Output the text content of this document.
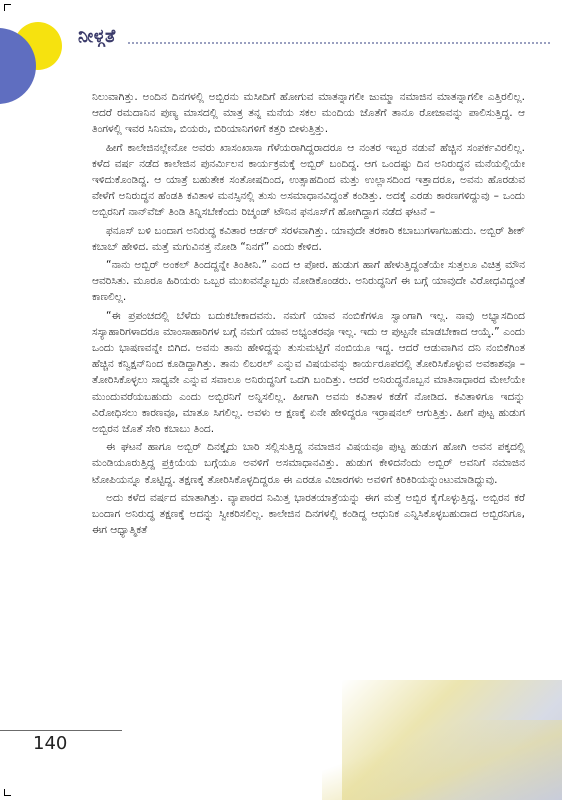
ನೀಳ್ಗತೆ

ನಿಲುವಾಗಿತ್ತು. ಅಂದಿನ ದಿನಗಳಲ್ಲಿ ಅಬ್ಬಿರನು ಮಸೀದಿಗೆ ಹೋಗುವ ಮಾತನ್ನಾಗಲೀ ಜುಮ್ಮಾ ನಮಾಜಿನ ಮಾತನ್ನಾಗಲೀ ಎತ್ತಿರಲಿಲ್ಲ. ಆದರೆ ರಮದಾನಿನ ಪುಣ್ಯ ಮಾಸದಲ್ಲಿ ಮಾತ್ರ ತನ್ನ ಮನೆಯ ಸಕಲ ಮಂದಿಯ ಜೊತೆಗೆ ತಾನೂ ರೋಜಾವನ್ನು ಪಾಲಿಸುತ್ತಿದ್ದ. ಆ ತಿಂಗಳಲ್ಲಿ ಇವರ ಸಿನಿಮಾ, ಬಿಯರು, ಬಿರಿಯಾನಿಗಳಿಗೆ ಕತ್ತರಿ ಬೀಳುತ್ತಿತ್ತು.

ಹೀಗೆ ಕಾಲೇಜಿನಲ್ಲೇನೋ ಅವರು ಖಾಸಂಖಾಸಾ ಗೆಳೆಯರಾಗಿದ್ದರಾದರೂ ಆ ನಂತರ ಇಬ್ಬರ ನಡುವೆ ಹೆಚ್ಚಿನ ಸಂಪರ್ಕವಿರಲಿಲ್ಲ. ಕಳೆದ ವರ್ಷ ನಡೆದ ಕಾಲೇಜಿನ ಪುನರ್ಮಿಲನ ಕಾರ್ಯಕ್ರಮಕ್ಕೆ ಅಬ್ಬಿರ್ ಬಂದಿದ್ದ. ಆಗ ಒಂದಷ್ಟು ದಿನ ಅನಿರುದ್ಧನ ಮನೆಯಲ್ಲಿಯೇ ಇಳಿದುಕೊಂಡಿದ್ದ. ಆ ಯಾತ್ರೆ ಬಹುತೇಕ ಸಂತೋಷದಿಂದ, ಉತ್ಸಾಹದಿಂದ ಮತ್ತು ಉಲ್ಲಾಸದಿಂದ ಇತ್ತಾದರೂ, ಅವನು ಹೊರಡುವ ವೇಳೆಗೆ ಅನಿರುದ್ಧನ ಹೆಂಡತಿ ಕವಿತಾಳ ಮನಸ್ಸಿನಲ್ಲಿ ತುಸು ಅಸಮಾಧಾನವಿದ್ದಂತೆ ಕಂಡಿತ್ತು. ಅದಕ್ಕೆ ಎರಡು ಕಾರಣಗಳಿದ್ದುವು – ಒಂದು ಅಬ್ಬಿರನಿಗೆ ನಾನ್‌ವೆಜ್ ತಿಂಡಿ ತಿನ್ನಿಸಬೇಕೆಂದು ರಿಚ್ಮಂಡ್ ಟೌನಿನ ಫನೂಸ್‌ಗೆ ಹೋಗಿದ್ದಾಗ ನಡೆದ ಘಟನೆ –

ಫನೂಸ್ ಬಳಿ ಬಂದಾಗ ಅನಿರುದ್ಧ ಕವಿತಾರ ಆರ್ಡರ್ ಸರಳವಾಗಿತ್ತು. ಯಾವುದೇ ತರಕಾರಿ ಕಬಾಬುಗಳಾಗಬಹುದು. ಅಬ್ಬಿರ್ ಶೀಕ್ ಕಬಾಬ್ ಹೇಳಿದ. ಮತ್ತೆ ಮಗುವಿನತ್ತ ನೋಡಿ “ನಿನಗೆ” ಎಂದು ಕೇಳಿದ.

“ನಾನು ಅಬ್ಬಿರ್ ಅಂಕಲ್ ತಿಂದದ್ದನ್ನೇ ತಿಂತೀನಿ.” ಎಂದ ಆ ಪೋರ. ಹುಡುಗ ಹಾಗೆ ಹೇಳುತ್ತಿದ್ದಂತೆಯೇ ಸುತ್ತಲೂ ವಿಚಿತ್ರ ಮೌನ ಆವರಿಸಿತು. ಮೂರೂ ಹಿರಿಯರು ಒಬ್ಬರ ಮುಖವನ್ನೊಬ್ಬರು ನೋಡಿಕೊಂಡರು. ಅನಿರುದ್ಧನಿಗೆ ಈ ಬಗ್ಗೆ ಯಾವುದೇ ವಿರೋಧವಿದ್ದಂತೆ ಕಾಣಲಿಲ್ಲ.

“ಈ ಪ್ರಪಂಚದಲ್ಲಿ ಬೆಳೆದು ಬದುಕಬೇಕಾದವನು. ನಮಗೆ ಯಾವ ನಂಬಿಕೆಗಳೂ ಸ್ವಾಂಗಾಗಿ ಇಲ್ಲ. ನಾವು ಅಭ್ಯಾಸದಿಂದ ಸಸ್ಯಾಹಾರಿಗಳಾದರೂ ಮಾಂಸಾಹಾರಿಗಳ ಬಗ್ಗೆ ನಮಗೆ ಯಾವ ಅಭ್ಯಂತರವೂ ಇಲ್ಲ. ಇದು ಆ ಪುಟ್ಟನೇ ಮಾಡಬೇಕಾದ ಆಯ್ಕೆ.” ಎಂದು ಒಂದು ಭಾಷಣವನ್ನೇ ಬಿಗಿದ. ಅವನು ತಾನು ಹೇಳಿದ್ದನ್ನು ತುಸುಮಟ್ಟಿಗೆ ನಂಬಿಯೂ ಇದ್ದ. ಆದರೆ ಆಡುವಾಗಿನ ದನಿ ನಂಬಿಕೆಗಿಂತ ಹೆಚ್ಚಿನ ಕನ್ವಿಕ್ಷನ್‌ನಿಂದ ಕೂಡಿದ್ದಾಗಿತ್ತು. ತಾನು ಲಿಬರಲ್ ಎನ್ನುವ ವಿಷಯವನ್ನು ಕಾರ್ಯರೂಪದಲ್ಲಿ ತೋರಿಸಿಕೊಳ್ಳುವ ಅವಕಾಶವೂ – ತೋರಿಸಿಕೊಳ್ಳಲು ಸಾಧ್ಯವೇ ಎನ್ನುವ ಸವಾಲೂ ಅನಿರುದ್ಧನಿಗೆ ಒದಗಿ ಬಂದಿತ್ತು. ಆದರೆ ಅನಿರುದ್ಧನೊಬ್ಬನ ಮಾತಿನಾಧಾರದ ಮೇಲೆಯೇ ಮುಂದುವರೆಯಬಹುದು ಎಂದು ಅಬ್ಬಿರನಿಗೆ ಅನ್ನಿಸಲಿಲ್ಲ. ಹೀಗಾಗಿ ಅವನು ಕವಿತಾಳ ಕಡೆಗೆ ನೋಡಿದ. ಕವಿತಾಳಿಗೂ ಇದನ್ನು ವಿರೋಧಿಸಲು ಕಾರಣವೂ, ಮಾತೂ ಸಿಗಲಿಲ್ಲ. ಅವಳು ಆ ಕ್ಷಣಕ್ಕೆ ಏನೇ ಹೇಳಿದ್ದರೂ ಇರ್ರಾಷನಲ್ ಆಗುತ್ತಿತ್ತು. ಹೀಗೆ ಪುಟ್ಟ ಹುಡುಗ ಅಬ್ಬಿರನ ಜೊತೆ ಸೇರಿ ಕಬಾಬು ತಿಂದ.

ಈ ಘಟನೆ ಹಾಗೂ ಅಬ್ಬಿರ್ ದಿನಕ್ಕೈದು ಬಾರಿ ಸಲ್ಲಿಸುತ್ತಿದ್ದ ನಮಾಜಿನ ವಿಷಯವೂ ಪುಟ್ಟ ಹುಡುಗ ಹೋಗಿ ಅವನ ಪಕ್ಕದಲ್ಲಿ ಮಂಡಿಯೂರುತ್ತಿದ್ದ ಪ್ರಕ್ರಿಯೆಯ ಬಗ್ಗೆಯೂ ಅವಳಿಗೆ ಅಸಮಾಧಾನವಿತ್ತು. ಹುಡುಗ ಕೇಳಿದನೆಂದು ಅಬ್ಬಿರ್ ಅವನಿಗೆ ನಮಾಜಿನ ಟೋಪಿಯನ್ನೂ ಕೊಟ್ಟಿದ್ದ. ತಕ್ಷಣಕ್ಕೆ ತೋರಿಸಿಕೊಳ್ಳದಿದ್ದರೂ ಈ ಎರಡೂ ವಿಚಾರಗಳು ಅವಳಿಗೆ ಕಿರಿಕಿರಿಯನ್ನುಂಟುಮಾಡಿದ್ದುವು.

ಅದು ಕಳೆದ ವರ್ಷದ ಮಾತಾಗಿತ್ತು. ವ್ಯಾಪಾರದ ನಿಮಿತ್ತ ಭಾರತಯಾತ್ರೆಯನ್ನು ಈಗ ಮತ್ತೆ ಅಬ್ಬಿರ ಕೈಗೊಳ್ಳುತ್ತಿದ್ದ. ಅಬ್ಬಿರನ ಕರೆ ಬಂದಾಗ ಅನಿರುದ್ಧ ತಕ್ಷಣಕ್ಕೆ ಅದನ್ನು ಸ್ವೀಕರಿಸಲಿಲ್ಲ. ಕಾಲೇಜಿನ ದಿನಗಳಲ್ಲಿ ಕಂಡಿದ್ದ ಆಧುನಿಕ ಎನ್ನಿಸಿಕೊಳ್ಳಬಹುದಾದ ಅಬ್ಬಿರನಿಗೂ, ಈಗ ಆಧ್ಯಾತ್ಮಿಕತೆ

140
